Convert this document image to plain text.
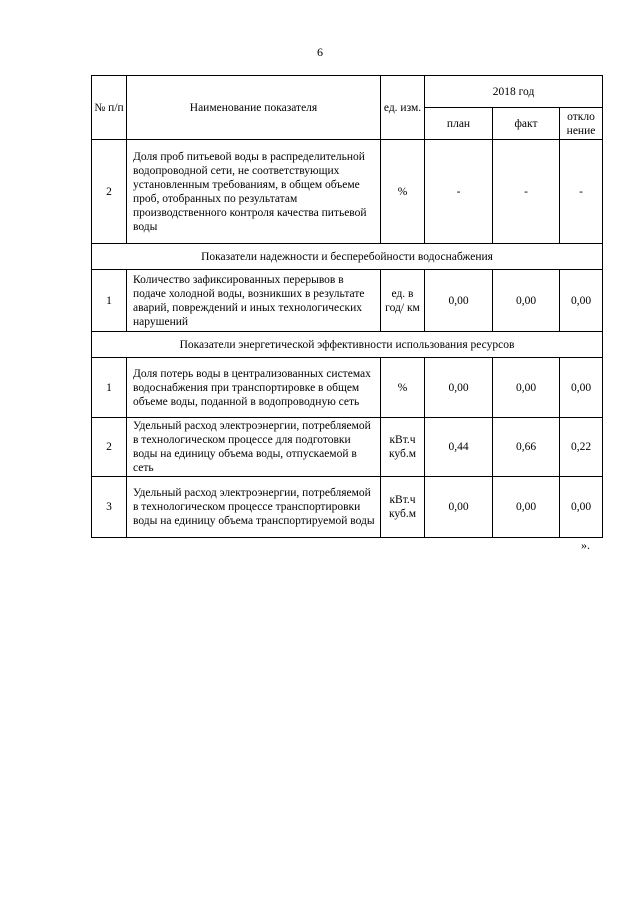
6
№ п/п	Наименование показателя	ед. изм.	2018 год		
			план	факт	откло нение
2	Доля проб питьевой воды в распределительной водопроводной сети, не соответствующих установленным требованиям, в общем объеме проб, отобранных по результатам производственного контроля качества питьевой воды	%	-	-	-
Показатели надежности и бесперебойности водоснабжения					
1	Количество зафиксированных перерывов в подаче холодной воды, возникших в результате аварий, повреждений и иных технологических нарушений	ед. в год/ км	0,00	0,00	0,00
Показатели энергетической эффективности использования ресурсов					
1	Доля потерь воды в централизованных системах водоснабжения при транспортировке в общем объеме воды, поданной в водопроводную сеть	%	0,00	0,00	0,00
2	Удельный расход электроэнергии, потребляемой в технологическом процессе для подготовки воды на единицу объема воды, отпускаемой в сеть	кВт.ч куб.м	0,44	0,66	0,22
3	Удельный расход электроэнергии, потребляемой в технологическом процессе транспортировки воды на единицу объема транспортируемой воды	кВт.ч куб.м	0,00	0,00	0,00
».
